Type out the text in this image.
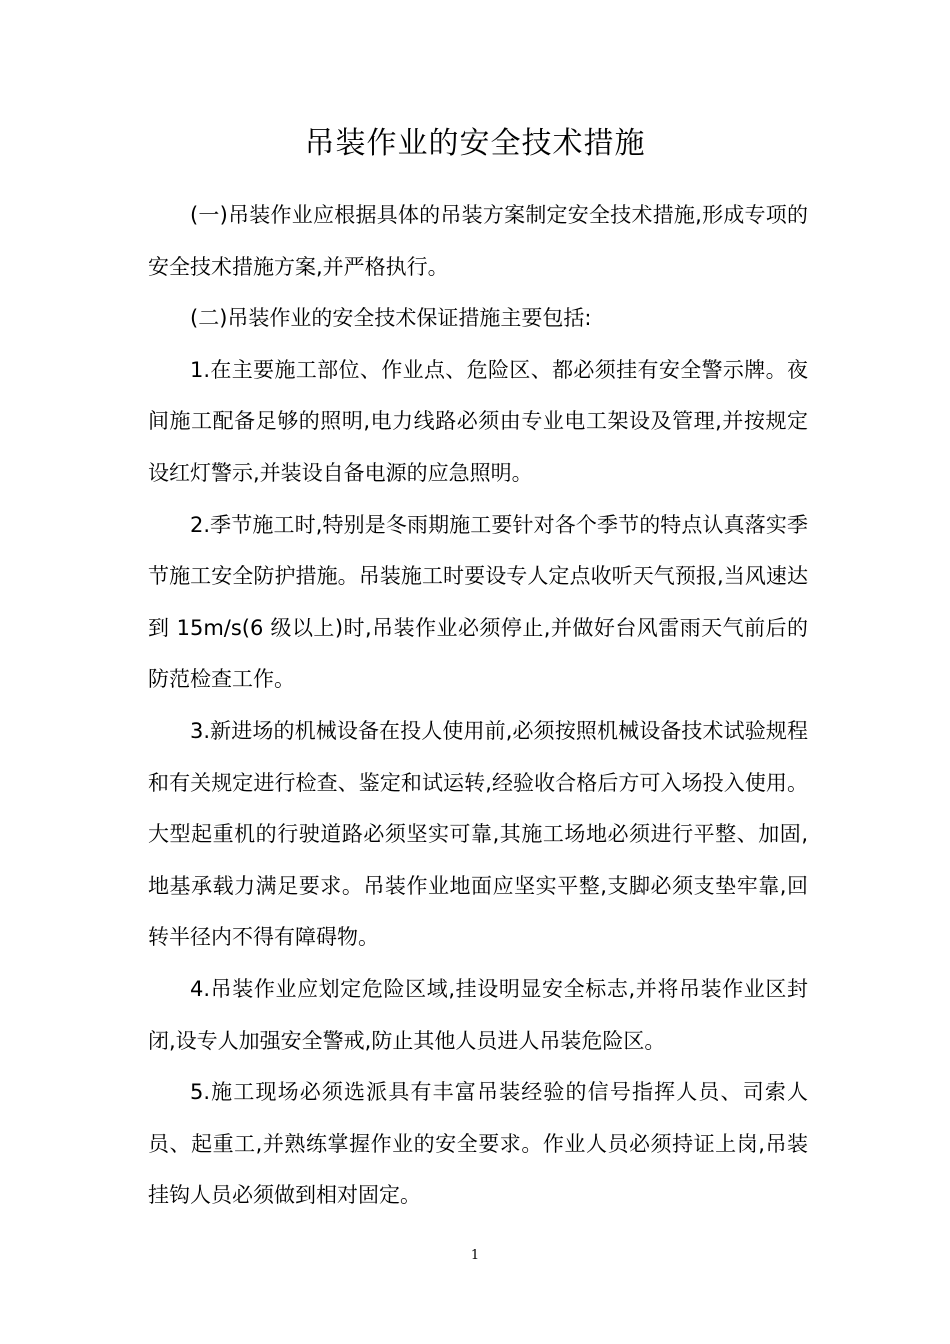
吊装作业的安全技术措施

(一)吊装作业应根据具体的吊装方案制定安全技术措施,形成专项的安全技术措施方案,并严格执行。

(二)吊装作业的安全技术保证措施主要包括:

1.在主要施工部位、作业点、危险区、都必须挂有安全警示牌。夜间施工配备足够的照明,电力线路必须由专业电工架设及管理,并按规定设红灯警示,并装设自备电源的应急照明。

2.季节施工时,特别是冬雨期施工要针对各个季节的特点认真落实季节施工安全防护措施。吊装施工时要设专人定点收听天气预报,当风速达到 15m/s(6 级以上)时,吊装作业必须停止,并做好台风雷雨天气前后的防范检查工作。

3.新进场的机械设备在投人使用前,必须按照机械设备技术试验规程和有关规定进行检查、鉴定和试运转,经验收合格后方可入场投入使用。大型起重机的行驶道路必须坚实可靠,其施工场地必须进行平整、加固,地基承载力满足要求。吊装作业地面应坚实平整,支脚必须支垫牢靠,回转半径内不得有障碍物。

4.吊装作业应划定危险区域,挂设明显安全标志,并将吊装作业区封闭,设专人加强安全警戒,防止其他人员进人吊装危险区。

5.施工现场必须选派具有丰富吊装经验的信号指挥人员、司索人员、起重工,并熟练掌握作业的安全要求。作业人员必须持证上岗,吊装挂钩人员必须做到相对固定。

1
